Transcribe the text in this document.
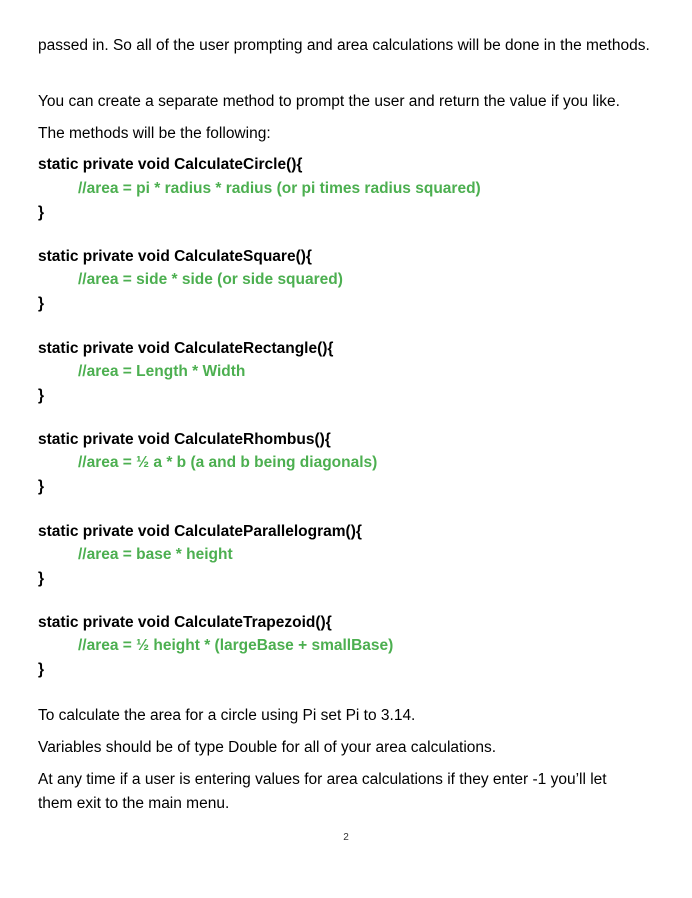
passed in. So all of the user prompting and area calculations will be done in the methods.

You can create a separate method to prompt the user and return the value if you like.

The methods will be the following:

static private void CalculateCircle(){
//area = pi * radius * radius (or pi times radius squared)
}
static private void CalculateSquare(){
//area = side * side (or side squared)
}
static private void CalculateRectangle(){
//area = Length * Width
}
static private void CalculateRhombus(){
//area = ½ a * b (a and b being diagonals)
}
static private void CalculateParallelogram(){
//area = base * height
}
static private void CalculateTrapezoid(){
//area = ½ height * (largeBase + smallBase)
}

To calculate the area for a circle using Pi set Pi to 3.14.

Variables should be of type Double for all of your area calculations.

At any time if a user is entering values for area calculations if they enter -1 you’ll let them exit to the main menu.

2
